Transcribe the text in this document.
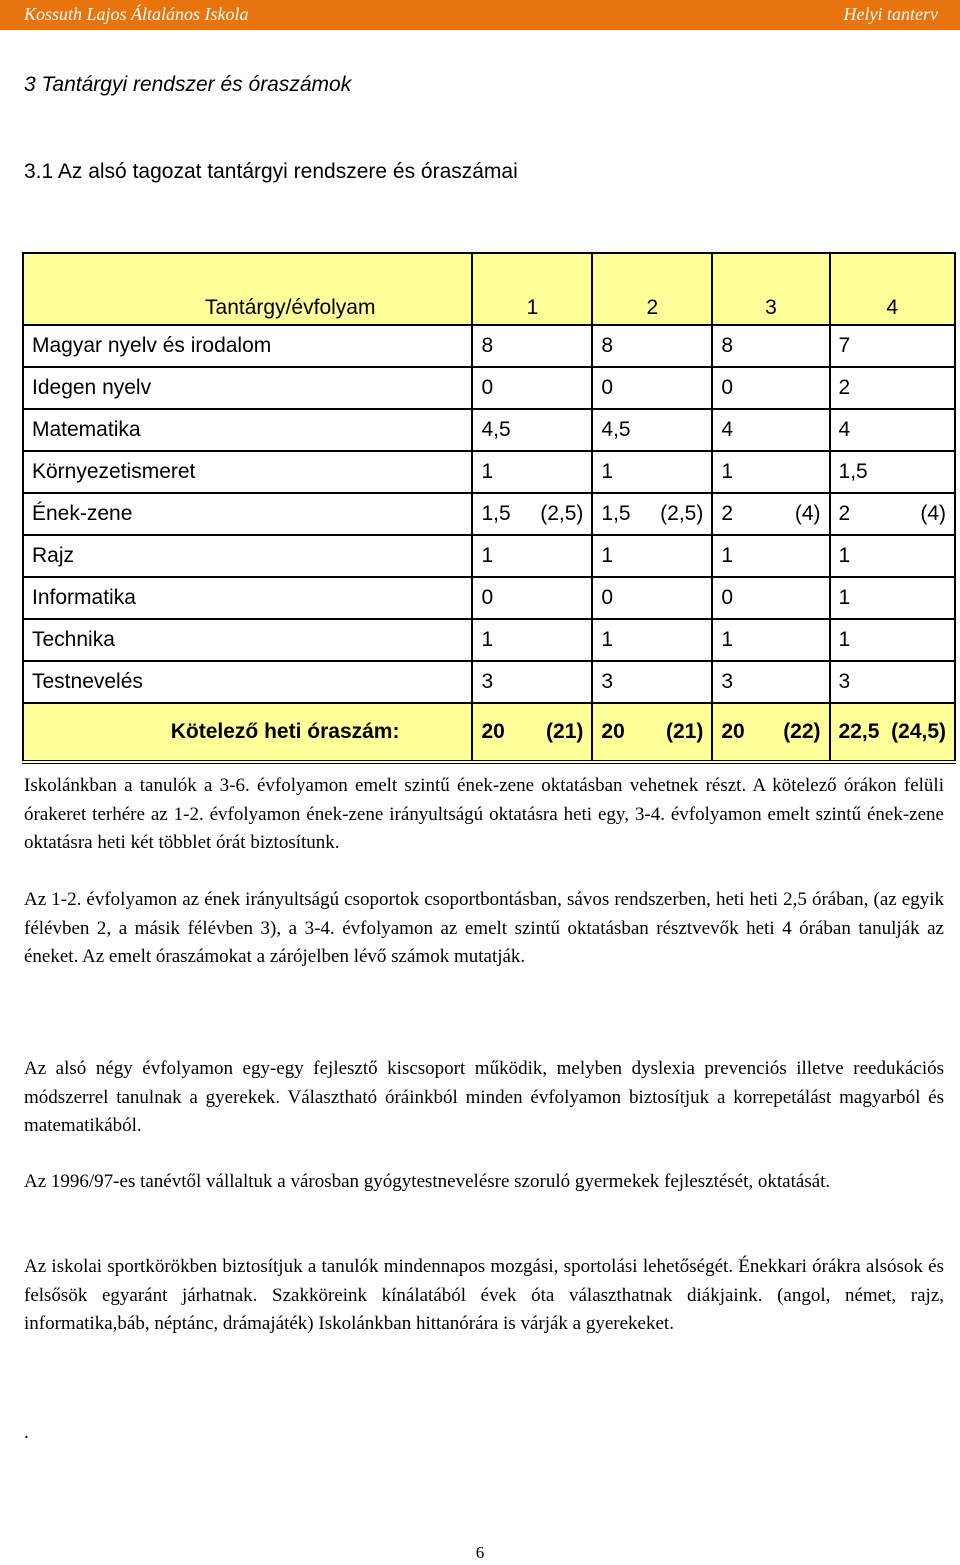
Kossuth Lajos Általános Iskola	Helyi tanterv
3 Tantárgyi rendszer és óraszámok
3.1 Az alsó tagozat tantárgyi rendszere és óraszámai
Tantárgy/évfolyam	1	2	3	4
Magyar nyelv és irodalom	8	8	8	7
Idegen nyelv	0	0	0	2
Matematika	4,5	4,5	4	4
Környezetismeret	1	1	1	1,5
Ének-zene	1,5 (2,5)	1,5 (2,5)	2 (4)	2 (4)

Rajz	1	1	1	1
Informatika	0	0	0	1
Technika	1	1	1	1
Testnevelés	3	3	3	3
Kötelező heti óraszám:	20 (21)	20 (21)	20 (22)	22,5 (24,5)

Iskolánkban a tanulók a 3-6. évfolyamon emelt szintű ének-zene oktatásban vehetnek részt. A kötelező órákon felüli órakeret terhére az 1-2. évfolyamon ének-zene irányultságú oktatásra heti egy, 3-4. évfolyamon emelt szintű ének-zene oktatásra heti két többlet órát biztosítunk.

Az 1-2. évfolyamon az ének irányultságú csoportok csoportbontásban, sávos rendszerben, heti heti 2,5 órában, (az egyik félévben 2, a másik félévben 3), a 3-4. évfolyamon az emelt szintű oktatásban résztvevők heti 4 órában tanulják az éneket. Az emelt óraszámokat a zárójelben lévő számok mutatják.

Az alsó négy évfolyamon egy-egy fejlesztő kiscsoport működik, melyben dyslexia prevenciós illetve reedukációs módszerrel tanulnak a gyerekek. Választható óráinkból minden évfolyamon biztosítjuk a korrepetálást magyarból és matematikából.

Az 1996/97-es tanévtől vállaltuk a városban gyógytestnevelésre szoruló gyermekek fejlesztését, oktatását.

Az iskolai sportkörökben biztosítjuk a tanulók mindennapos mozgási, sportolási lehetőségét. Énekkari órákra alsósok és felsősök egyaránt járhatnak. Szakköreink kínálatából évek óta választhatnak diákjaink. (angol, német, rajz, informatika,báb, néptánc, drámajáték) Iskolánkban hittanórára is várják a gyerekeket.

.
6
